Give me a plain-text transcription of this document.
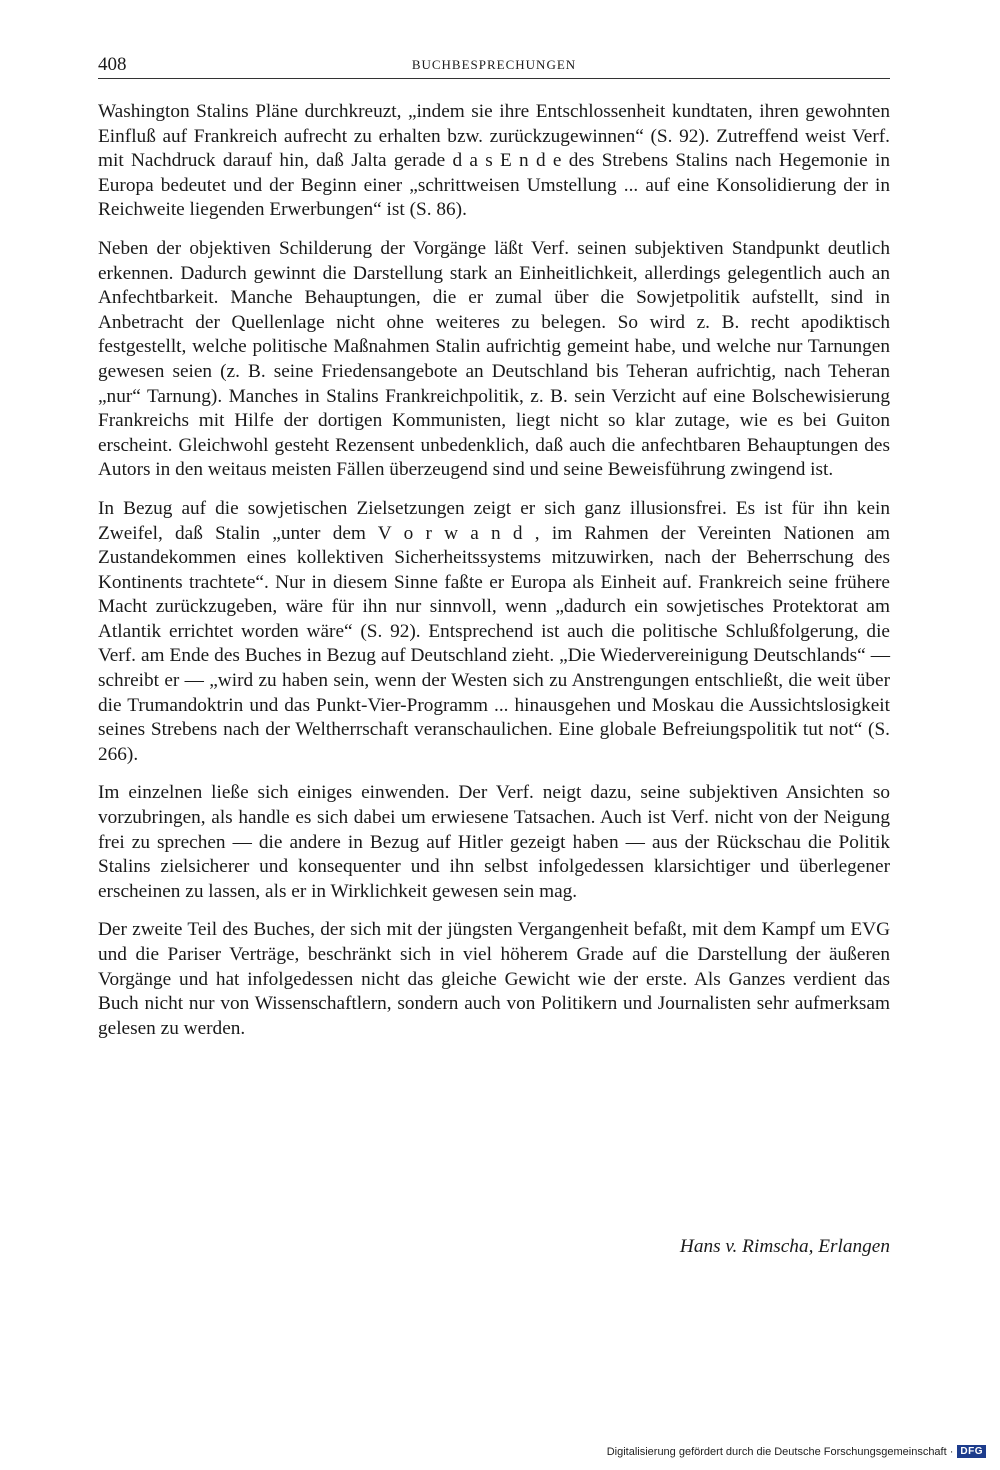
408	BUCHBESPRECHUNGEN

Washington Stalins Pläne durchkreuzt, „indem sie ihre Entschlossenheit kundtaten, ihren gewohnten Einfluß auf Frankreich aufrecht zu erhalten bzw. zurückzugewinnen“ (S. 92). Zutreffend weist Verf. mit Nachdruck darauf hin, daß Jalta gerade d a s E n d e des Strebens Stalins nach Hegemonie in Europa bedeutet und der Beginn einer „schrittweisen Umstellung ... auf eine Konsolidierung der in Reichweite liegenden Erwerbungen“ ist (S. 86).

Neben der objektiven Schilderung der Vorgänge läßt Verf. seinen subjektiven Standpunkt deutlich erkennen. Dadurch gewinnt die Darstellung stark an Einheitlichkeit, allerdings gelegentlich auch an Anfechtbarkeit. Manche Behauptungen, die er zumal über die Sowjetpolitik aufstellt, sind in Anbetracht der Quellenlage nicht ohne weiteres zu belegen. So wird z. B. recht apodiktisch festgestellt, welche politische Maßnahmen Stalin aufrichtig gemeint habe, und welche nur Tarnungen gewesen seien (z. B. seine Friedensangebote an Deutschland bis Teheran aufrichtig, nach Teheran „nur“ Tarnung). Manches in Stalins Frankreichpolitik, z. B. sein Verzicht auf eine Bolschewisierung Frankreichs mit Hilfe der dortigen Kommunisten, liegt nicht so klar zutage, wie es bei Guiton erscheint. Gleichwohl gesteht Rezensent unbedenklich, daß auch die anfechtbaren Behauptungen des Autors in den weitaus meisten Fällen überzeugend sind und seine Beweisführung zwingend ist.

In Bezug auf die sowjetischen Zielsetzungen zeigt er sich ganz illusionsfrei. Es ist für ihn kein Zweifel, daß Stalin „unter dem V o r w a n d , im Rahmen der Vereinten Nationen am Zustandekommen eines kollektiven Sicherheitssystems mitzuwirken, nach der Beherrschung des Kontinents trachtete“. Nur in diesem Sinne faßte er Europa als Einheit auf. Frankreich seine frühere Macht zurückzugeben, wäre für ihn nur sinnvoll, wenn „dadurch ein sowjetisches Protektorat am Atlantik errichtet worden wäre“ (S. 92). Entsprechend ist auch die politische Schlußfolgerung, die Verf. am Ende des Buches in Bezug auf Deutschland zieht. „Die Wiedervereinigung Deutschlands“ — schreibt er — „wird zu haben sein, wenn der Westen sich zu Anstrengungen entschließt, die weit über die Trumandoktrin und das Punkt-Vier-Programm ... hinausgehen und Moskau die Aussichtslosigkeit seines Strebens nach der Weltherrschaft veranschaulichen. Eine globale Befreiungspolitik tut not“ (S. 266).

Im einzelnen ließe sich einiges einwenden. Der Verf. neigt dazu, seine subjektiven Ansichten so vorzubringen, als handle es sich dabei um erwiesene Tatsachen. Auch ist Verf. nicht von der Neigung frei zu sprechen — die andere in Bezug auf Hitler gezeigt haben — aus der Rückschau die Politik Stalins zielsicherer und konsequenter und ihn selbst infolgedessen klarsichtiger und überlegener erscheinen zu lassen, als er in Wirklichkeit gewesen sein mag.

Der zweite Teil des Buches, der sich mit der jüngsten Vergangenheit befaßt, mit dem Kampf um EVG und die Pariser Verträge, beschränkt sich in viel höherem Grade auf die Darstellung der äußeren Vorgänge und hat infolgedessen nicht das gleiche Gewicht wie der erste. Als Ganzes verdient das Buch nicht nur von Wissenschaftlern, sondern auch von Politikern und Journalisten sehr aufmerksam gelesen zu werden.

Hans v. Rimscha, Erlangen
Digitalisierung gefördert durch die Deutsche Forschungsgemeinschaft · DFG
